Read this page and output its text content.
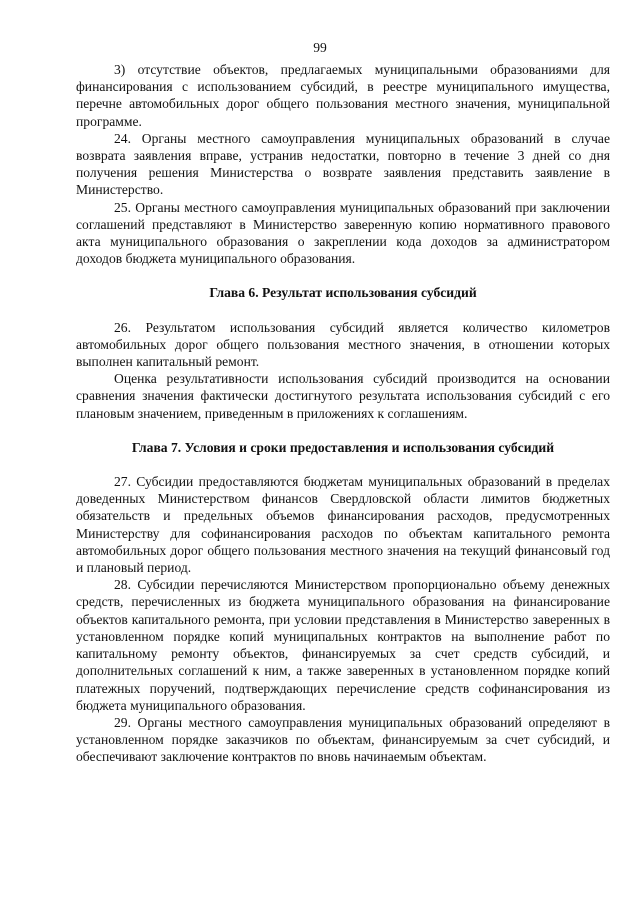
99

3) отсутствие объектов, предлагаемых муниципальными образованиями для финансирования с использованием субсидий, в реестре муниципального имущества, перечне автомобильных дорог общего пользования местного значения, муниципальной программе.

24. Органы местного самоуправления муниципальных образований в случае возврата заявления вправе, устранив недостатки, повторно в течение 3 дней со дня получения решения Министерства о возврате заявления представить заявление в Министерство.

25. Органы местного самоуправления муниципальных образований при заключении соглашений представляют в Министерство заверенную копию нормативного правового акта муниципального образования о закреплении кода доходов за администратором доходов бюджета муниципального образования.

Глава 6. Результат использования субсидий

26. Результатом использования субсидий является количество километров автомобильных дорог общего пользования местного значения, в отношении которых выполнен капитальный ремонт.

Оценка результативности использования субсидий производится на основании сравнения значения фактически достигнутого результата использования субсидий с его плановым значением, приведенным в приложениях к соглашениям.

Глава 7. Условия и сроки предоставления и использования субсидий

27. Субсидии предоставляются бюджетам муниципальных образований в пределах доведенных Министерством финансов Свердловской области лимитов бюджетных обязательств и предельных объемов финансирования расходов, предусмотренных Министерству для софинансирования расходов по объектам капитального ремонта автомобильных дорог общего пользования местного значения на текущий финансовый год и плановый период.

28. Субсидии перечисляются Министерством пропорционально объему денежных средств, перечисленных из бюджета муниципального образования на финансирование объектов капитального ремонта, при условии представления в Министерство заверенных в установленном порядке копий муниципальных контрактов на выполнение работ по капитальному ремонту объектов, финансируемых за счет средств субсидий, и дополнительных соглашений к ним, а также заверенных в установленном порядке копий платежных поручений, подтверждающих перечисление средств софинансирования из бюджета муниципального образования.

29. Органы местного самоуправления муниципальных образований определяют в установленном порядке заказчиков по объектам, финансируемым за счет субсидий, и обеспечивают заключение контрактов по вновь начинаемым объектам.
